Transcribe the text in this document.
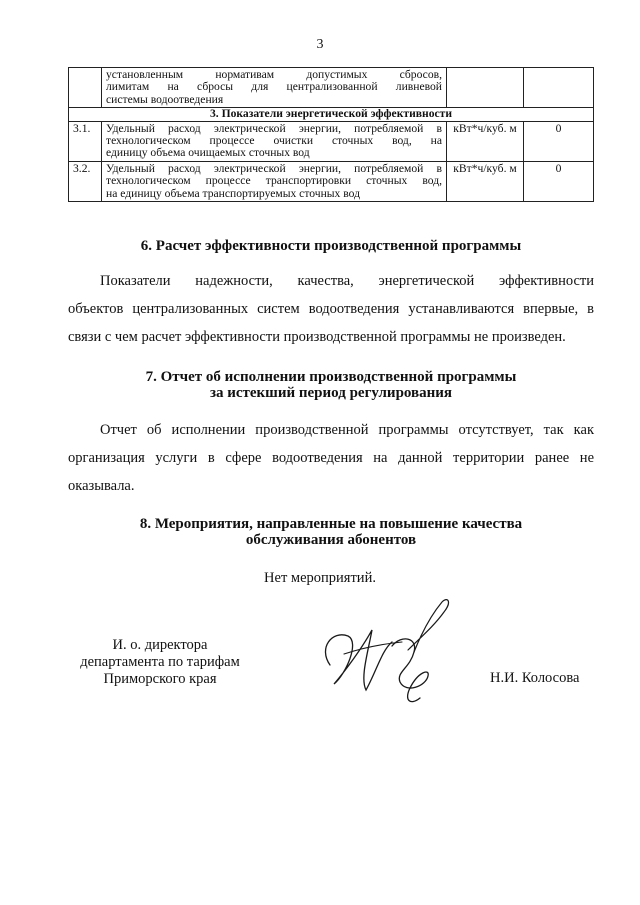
3
	установленным нормативам допустимых сбросов,
лимитам на сбросы для централизованной ливневой

системы водоотведения		

3. Показатели энергетической эффективности			
3.1.	Удельный расход электрической энергии, потребляемой в
технологическом процессе очистки сточных вод, на

единицу объема очищаемых сточных вод	кВт*ч/куб. м	0
3.2.	Удельный расход электрической энергии, потребляемой в
технологическом процессе транспортировки сточных вод,

на единицу объема транспортируемых сточных вод	кВт*ч/куб. м	0
6. Расчет эффективности производственной программы
Показатели надежности, качества, энергетической эффективности
объектов централизованных систем водоотведения устанавливаются впервые, в
связи с чем расчет эффективности производственной программы не произведен.
7. Отчет об исполнении производственной программы
за истекший период регулирования
Отчет об исполнении производственной программы отсутствует, так как
организация услуги в сфере водоотведения на данной территории ранее не
оказывала.
8. Мероприятия, направленные на повышение качества
обслуживания абонентов
Нет мероприятий.
И. о. директора
департамента по тарифам
Приморского края	Н.И. Колосова
